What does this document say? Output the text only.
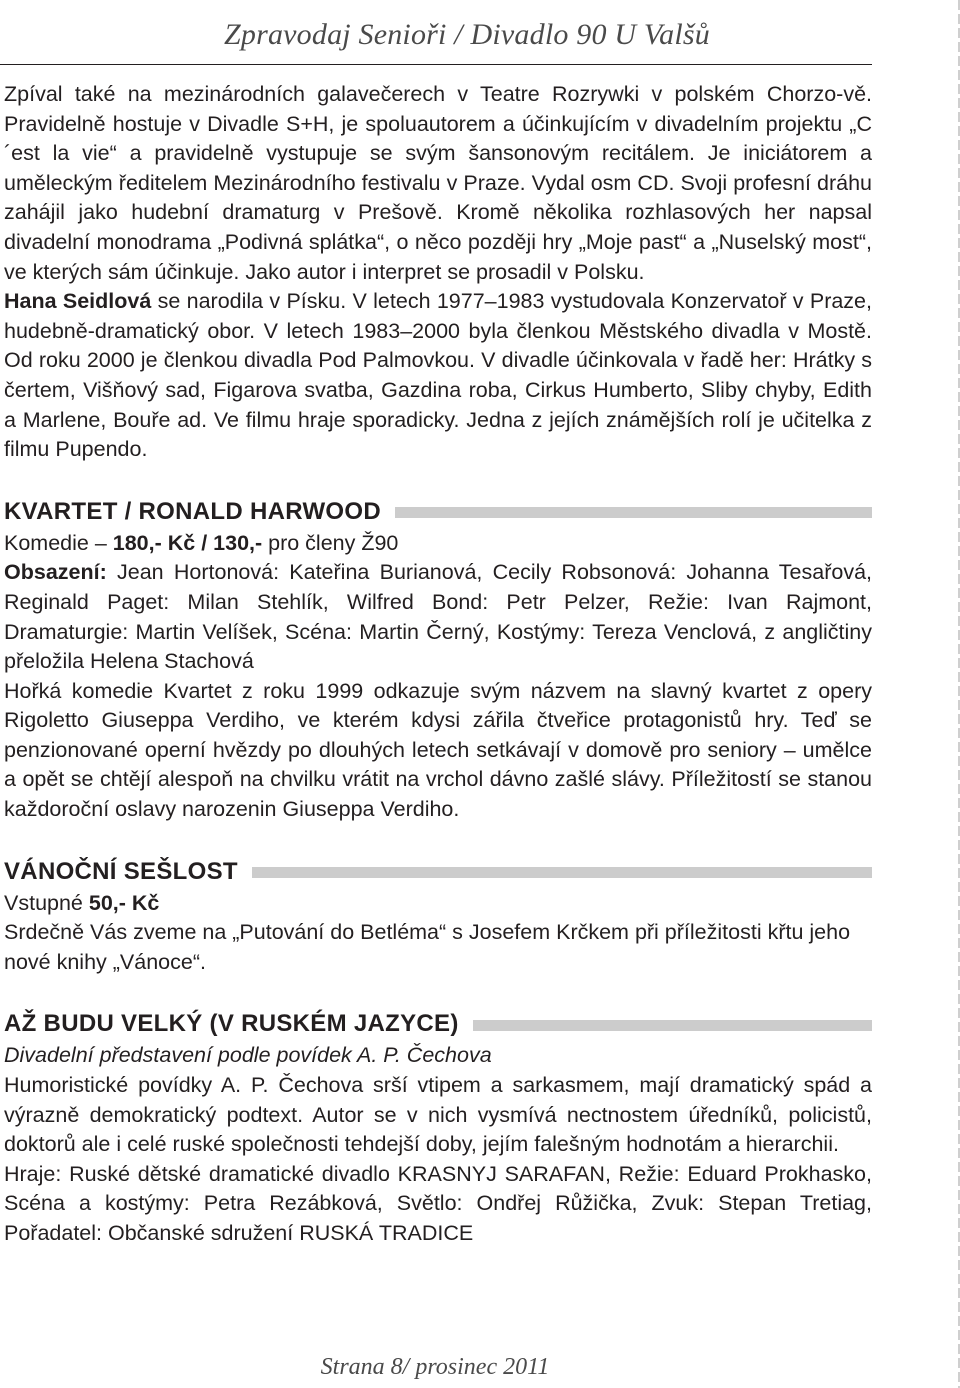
Zpravodaj Senioři / Divadlo 90 U Valšů

Zpíval také na mezinárodních galavečerech v Teatre Rozrywki v polském Chorzo-vě. Pravidelně hostuje v Divadle S+H, je spoluautorem a účinkujícím v divadelním projektu „C´est la vie“ a pravidelně vystupuje se svým šansonovým recitálem. Je iniciátorem a uměleckým ředitelem Mezinárodního festivalu v Praze. Vydal osm CD. Svoji profesní dráhu zahájil jako hudební dramaturg v Prešově. Kromě několika rozhlasových her napsal divadelní monodrama „Podivná splátka“, o něco později hry „Moje past“ a „Nuselský most“, ve kterých sám účinkuje. Jako autor i interpret se prosadil v Polsku.

Hana Seidlová se narodila v Písku. V letech 1977–1983 vystudovala Konzervatoř v Praze, hudebně-dramatický obor. V letech 1983–2000 byla členkou Městského divadla v Mostě. Od roku 2000 je členkou divadla Pod Palmovkou. V divadle účinkovala v řadě her: Hrátky s čertem, Višňový sad, Figarova svatba, Gazdina roba, Cirkus Humberto, Sliby chyby, Edith a Marlene, Bouře ad. Ve filmu hraje sporadicky. Jedna z jejích známějších rolí je učitelka z filmu Pupendo.

KVARTET / RONALD HARWOOD

Komedie – 180,- Kč / 130,- pro členy Ž90

Obsazení: Jean Hortonová: Kateřina Burianová, Cecily Robsonová: Johanna Tesařová, Reginald Paget: Milan Stehlík, Wilfred Bond: Petr Pelzer, Režie: Ivan Rajmont, Dramaturgie: Martin Velíšek, Scéna: Martin Černý, Kostýmy: Tereza Venclová, z angličtiny přeložila Helena Stachová

Hořká komedie Kvartet z roku 1999 odkazuje svým názvem na slavný kvartet z opery Rigoletto Giuseppa Verdiho, ve kterém kdysi zářila čtveřice protagonistů hry. Teď se penzionované operní hvězdy po dlouhých letech setkávají v domově pro seniory – umělce a opět se chtějí alespoň na chvilku vrátit na vrchol dávno zašlé slávy. Příležitostí se stanou každoroční oslavy narozenin Giuseppa Verdiho.

VÁNOČNÍ SEŠLOST

Vstupné 50,- Kč

Srdečně Vás zveme na „Putování do Betléma“ s Josefem Krčkem při příležitosti křtu jeho nové knihy „Vánoce“.

AŽ BUDU VELKÝ (V RUSKÉM JAZYCE)

Divadelní představení podle povídek A. P. Čechova

Humoristické povídky A. P. Čechova srší vtipem a sarkasmem, mají dramatický spád a výrazně demokratický podtext. Autor se v nich vysmívá nectnostem úředníků, policistů, doktorů ale i celé ruské společnosti tehdejší doby, jejím falešným hodnotám a hierarchii.

Hraje: Ruské dětské dramatické divadlo KRASNYJ SARAFAN, Režie: Eduard Prokhasko, Scéna a kostýmy: Petra Rezábková, Světlo: Ondřej Růžička, Zvuk: Stepan Tretiag, Pořadatel: Občanské sdružení RUSKÁ TRADICE

Strana 8/ prosinec 2011
